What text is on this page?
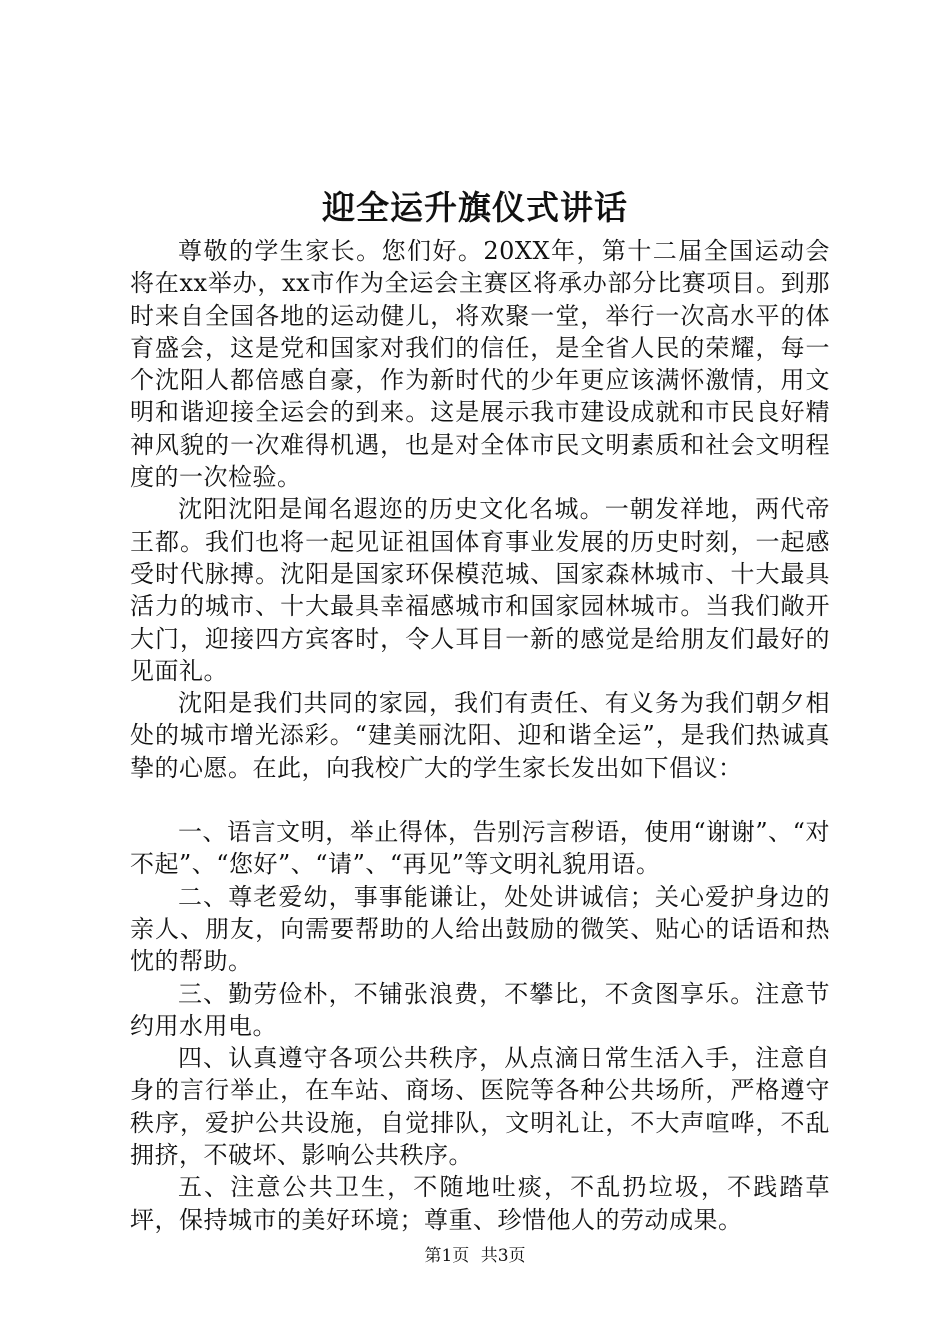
迎全运升旗仪式讲话

尊敬的学生家长。您们好。20XX年，第十二届全国运动会将在xx举办，xx市作为全运会主赛区将承办部分比赛项目。到那时来自全国各地的运动健儿，将欢聚一堂，举行一次高水平的体育盛会，这是党和国家对我们的信任，是全省人民的荣耀，每一个沈阳人都倍感自豪，作为新时代的少年更应该满怀激情，用文明和谐迎接全运会的到来。这是展示我市建设成就和市民良好精神风貌的一次难得机遇，也是对全体市民文明素质和社会文明程度的一次检验。

沈阳沈阳是闻名遐迩的历史文化名城。一朝发祥地，两代帝王都。我们也将一起见证祖国体育事业发展的历史时刻，一起感受时代脉搏。沈阳是国家环保模范城、国家森林城市、十大最具活力的城市、十大最具幸福感城市和国家园林城市。当我们敞开大门，迎接四方宾客时，令人耳目一新的感觉是给朋友们最好的见面礼。

沈阳是我们共同的家园，我们有责任、有义务为我们朝夕相处的城市增光添彩。“建美丽沈阳、迎和谐全运”，是我们热诚真挚的心愿。在此，向我校广大的学生家长发出如下倡议：

一、语言文明，举止得体，告别污言秽语，使用“谢谢”、“对不起”、“您好”、“请”、“再见”等文明礼貌用语。

二、尊老爱幼，事事能谦让，处处讲诚信；关心爱护身边的亲人、朋友，向需要帮助的人给出鼓励的微笑、贴心的话语和热忱的帮助。

三、勤劳俭朴，不铺张浪费，不攀比，不贪图享乐。注意节约用水用电。

四、认真遵守各项公共秩序，从点滴日常生活入手，注意自身的言行举止，在车站、商场、医院等各种公共场所，严格遵守秩序，爱护公共设施，自觉排队，文明礼让，不大声喧哗，不乱拥挤，不破坏、影响公共秩序。

五、注意公共卫生，不随地吐痰，不乱扔垃圾，不践踏草坪，保持城市的美好环境；尊重、珍惜他人的劳动成果。

第1页 共3页
